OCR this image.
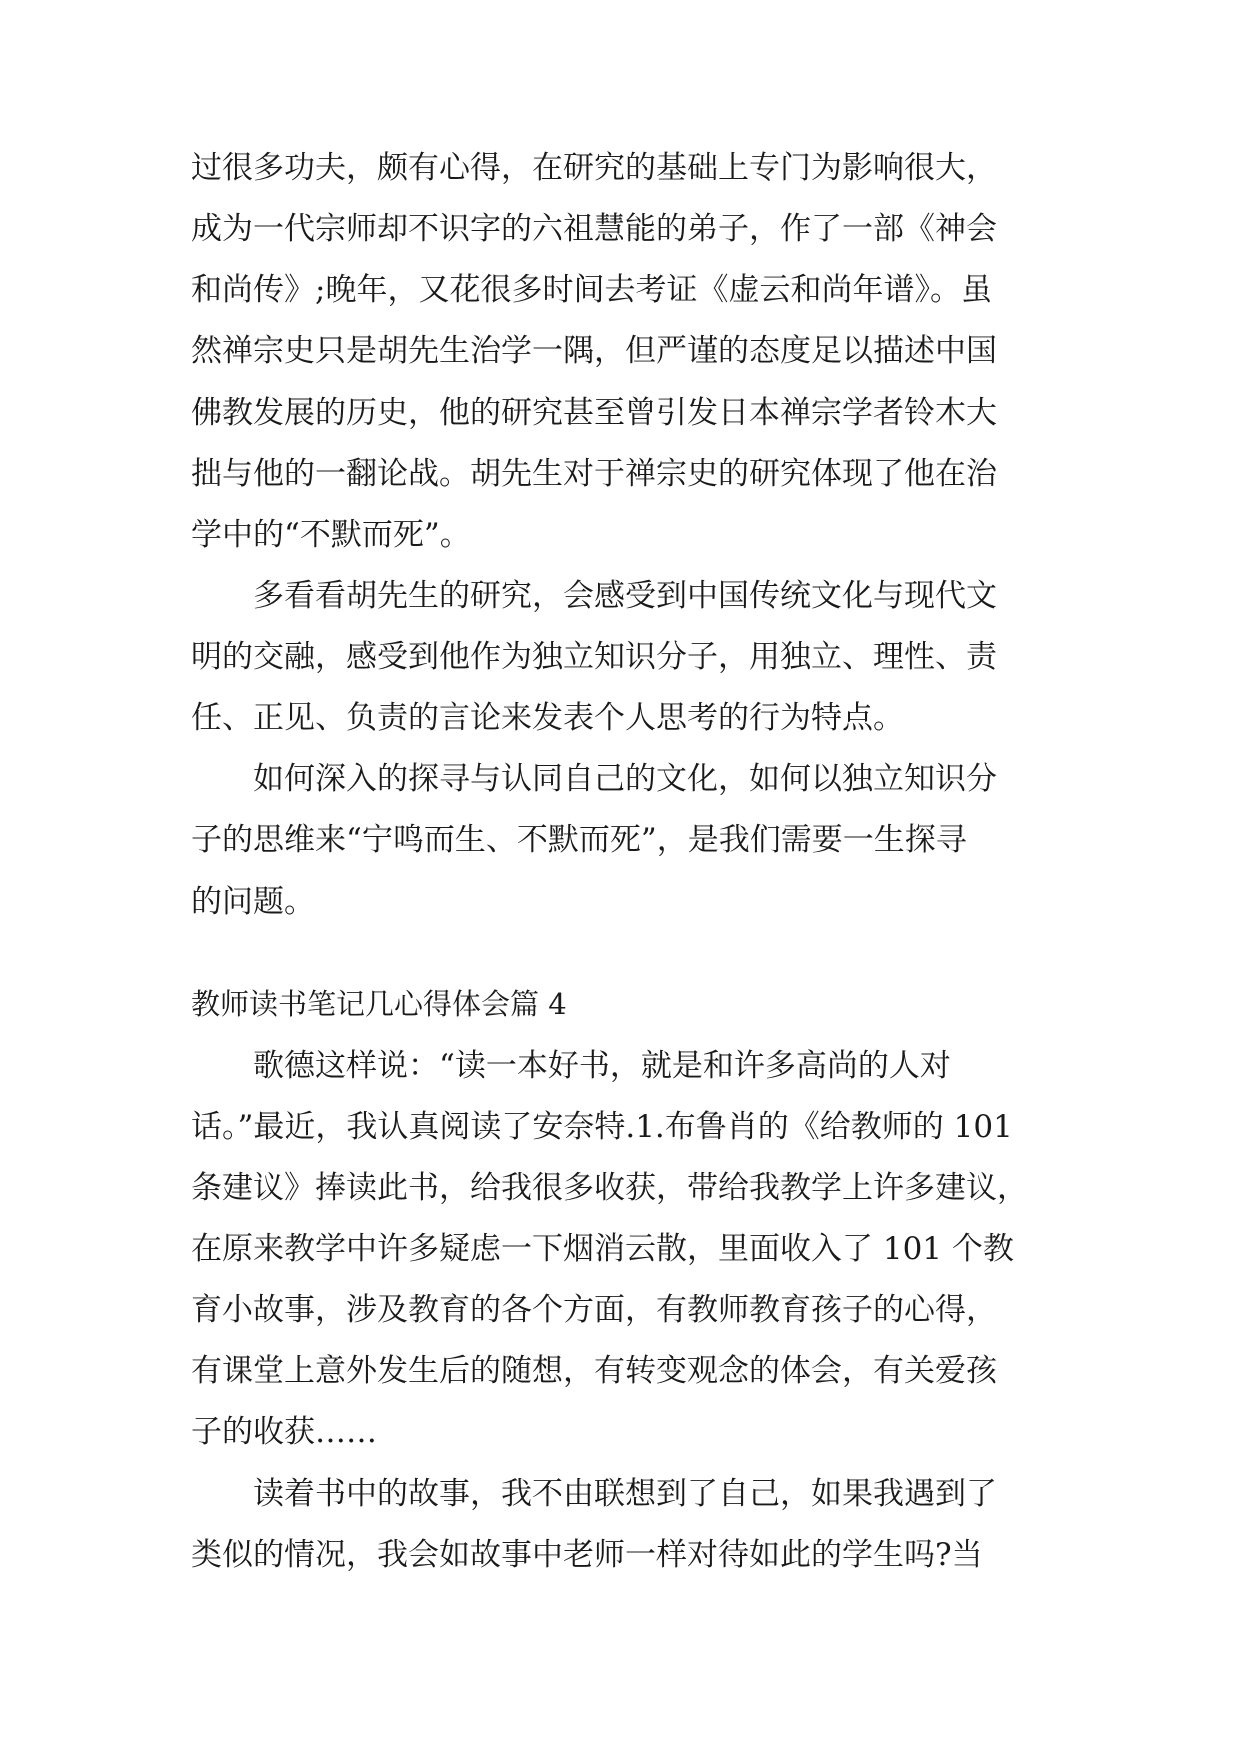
过很多功夫，颇有心得，在研究的基础上专门为影响很大，
成为一代宗师却不识字的六祖慧能的弟子，作了一部《神会
和尚传》;晚年，又花很多时间去考证《虚云和尚年谱》。虽
然禅宗史只是胡先生治学一隅，但严谨的态度足以描述中国
佛教发展的历史，他的研究甚至曾引发日本禅宗学者铃木大
拙与他的一翻论战。胡先生对于禅宗史的研究体现了他在治
学中的“不默而死”。
　　多看看胡先生的研究，会感受到中国传统文化与现代文
明的交融，感受到他作为独立知识分子，用独立、理性、责
任、正见、负责的言论来发表个人思考的行为特点。
　　如何深入的探寻与认同自己的文化，如何以独立知识分
子的思维来“宁鸣而生、不默而死”，是我们需要一生探寻
的问题。
教师读书笔记几心得体会篇 4
　　歌德这样说：“读一本好书，就是和许多高尚的人对
话。”最近，我认真阅读了安奈特.1.布鲁肖的《给教师的 101
条建议》捧读此书，给我很多收获，带给我教学上许多建议，
在原来教学中许多疑虑一下烟消云散，里面收入了 101 个教
育小故事，涉及教育的各个方面，有教师教育孩子的心得，
有课堂上意外发生后的随想，有转变观念的体会，有关爱孩
子的收获……
　　读着书中的故事，我不由联想到了自己，如果我遇到了
类似的情况，我会如故事中老师一样对待如此的学生吗?当
